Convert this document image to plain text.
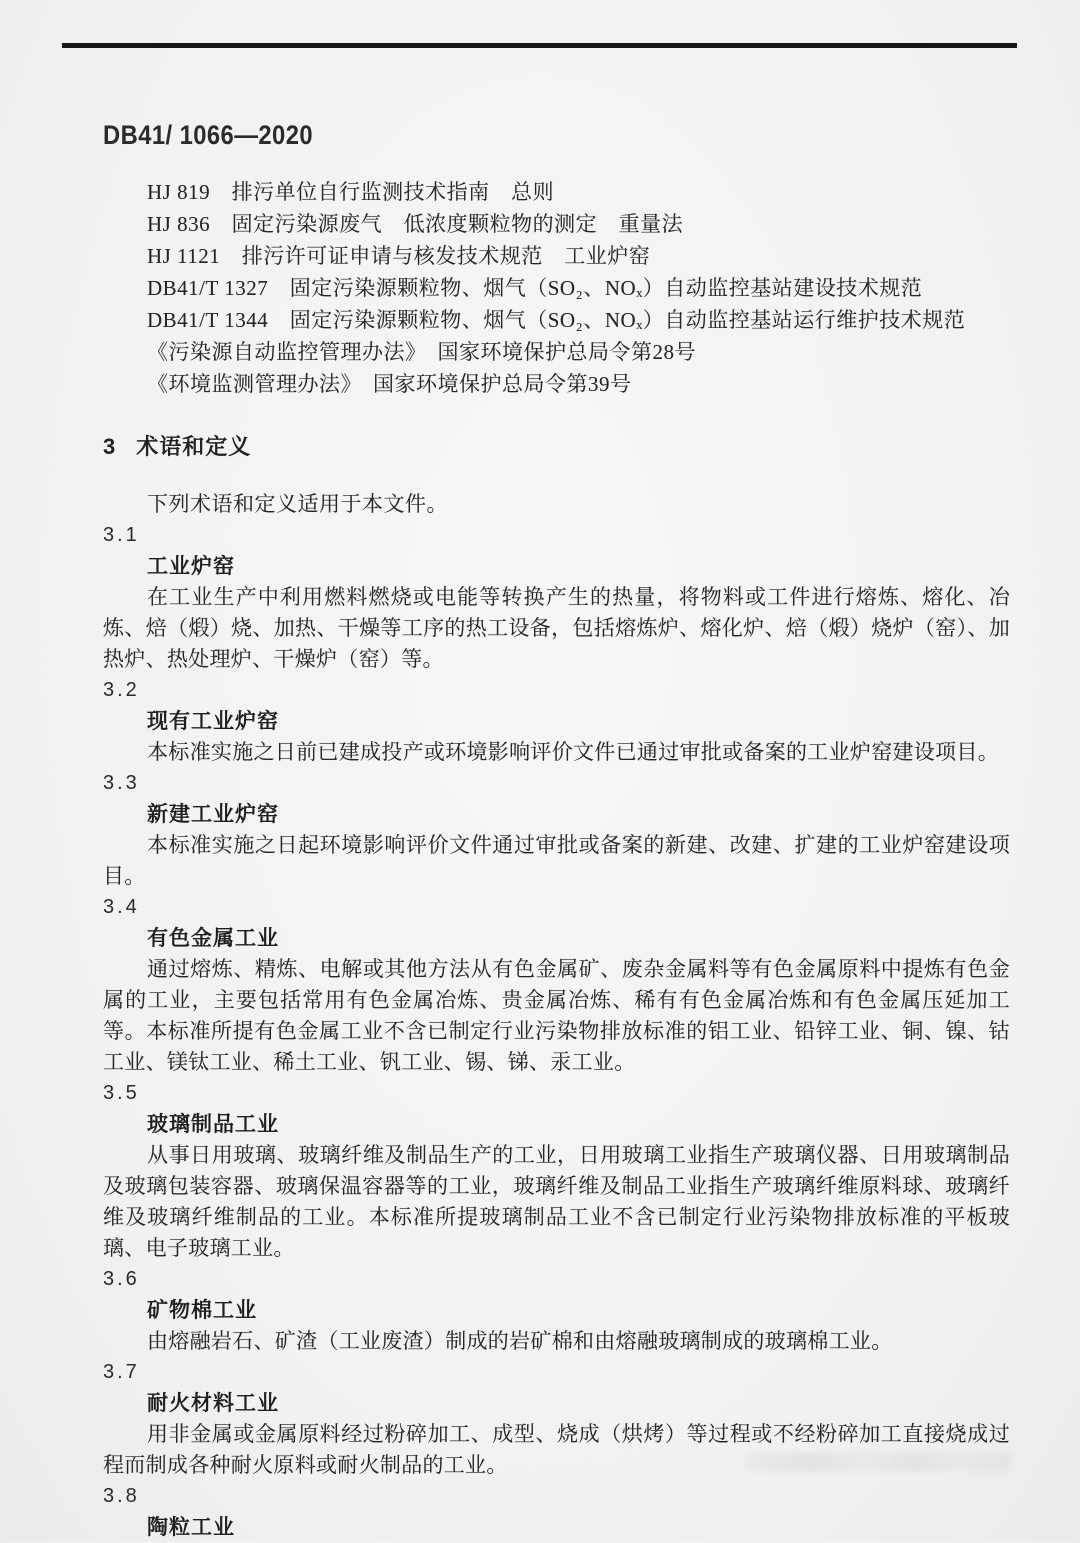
DB41/ 1066—2020
HJ 819　排污单位自行监测技术指南　总则
HJ 836　固定污染源废气　低浓度颗粒物的测定　重量法
HJ 1121　排污许可证申请与核发技术规范　工业炉窑
DB41/T 1327　固定污染源颗粒物、烟气（SO₂、NOₓ）自动监控基站建设技术规范
DB41/T 1344　固定污染源颗粒物、烟气（SO₂、NOₓ）自动监控基站运行维护技术规范
《污染源自动监控管理办法》　国家环境保护总局令第28号
《环境监测管理办法》　国家环境保护总局令第39号
3 术语和定义
下列术语和定义适用于本文件。
3.1
工业炉窑

在工业生产中利用燃料燃烧或电能等转换产生的热量，将物料或工件进行熔炼、熔化、冶炼、焙（煅）烧、加热、干燥等工序的热工设备，包括熔炼炉、熔化炉、焙（煅）烧炉（窑）、加热炉、热处理炉、干燥炉（窑）等。

3.2
现有工业炉窑

本标准实施之日前已建成投产或环境影响评价文件已通过审批或备案的工业炉窑建设项目。

3.3
新建工业炉窑

本标准实施之日起环境影响评价文件通过审批或备案的新建、改建、扩建的工业炉窑建设项目。

3.4
有色金属工业

通过熔炼、精炼、电解或其他方法从有色金属矿、废杂金属料等有色金属原料中提炼有色金属的工业，主要包括常用有色金属冶炼、贵金属冶炼、稀有有色金属冶炼和有色金属压延加工等。本标准所提有色金属工业不含已制定行业污染物排放标准的铝工业、铅锌工业、铜、镍、钴工业、镁钛工业、稀土工业、钒工业、锡、锑、汞工业。

3.5
玻璃制品工业

从事日用玻璃、玻璃纤维及制品生产的工业，日用玻璃工业指生产玻璃仪器、日用玻璃制品及玻璃包装容器、玻璃保温容器等的工业，玻璃纤维及制品工业指生产玻璃纤维原料球、玻璃纤维及玻璃纤维制品的工业。本标准所提玻璃制品工业不含已制定行业污染物排放标准的平板玻璃、电子玻璃工业。

3.6
矿物棉工业

由熔融岩石、矿渣（工业废渣）制成的岩矿棉和由熔融玻璃制成的玻璃棉工业。

3.7
耐火材料工业

用非金属或金属原料经过粉碎加工、成型、烧成（烘烤）等过程或不经粉碎加工直接烧成过程而制成各种耐火原料或耐火制品的工业。

3.8
陶粒工业
